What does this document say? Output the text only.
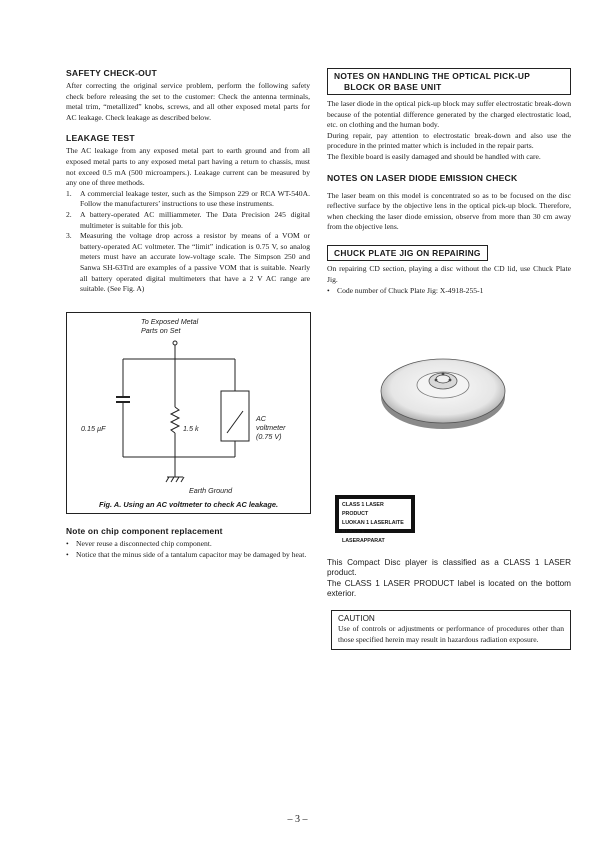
SAFETY CHECK-OUT

After correcting the original service problem, perform the following safety check before releasing the set to the customer: Check the antenna terminals, metal trim, “metallized” knobs, screws, and all other exposed metal parts for AC leakage. Check leakage as described below.

LEAKAGE TEST

The AC leakage from any exposed metal part to earth ground and from all exposed metal parts to any exposed metal part having a return to chassis, must not exceed 0.5 mA (500 microampers.). Leakage current can be measured by any one of three methods.

1. A commercial leakage tester, such as the Simpson 229 or RCA WT-540A. Follow the manufacturers’ instructions to use these instruments.
2. A battery-operated AC milliammeter. The Data Precision 245 digital multimeter is suitable for this job.
3. Measuring the voltage drop across a resistor by means of a VOM or battery-operated AC voltmeter. The “limit” indication is 0.75 V, so analog meters must have an accurate low-voltage scale. The Simpson 250 and Sanwa SH-63Trd are examples of a passive VOM that is suitable. Nearly all battery operated digital multimeters that have a 2 V AC range are suitable. (See Fig. A)
To Exposed Metal
Parts on Set
0.15 µF	1.5 k
AC
voltmeter
(0.75 V)
Earth Ground
Fig. A. Using an AC voltmeter to check AC leakage.
Note on chip component replacement
• Never reuse a disconnected chip component.
• Notice that the minus side of a tantalum capacitor may be damaged by heat.
NOTES ON HANDLING THE OPTICAL PICK-UP
BLOCK OR BASE UNIT

The laser diode in the optical pick-up block may suffer electrostatic break-down because of the potential difference generated by the charged electrostatic load, etc. on clothing and the human body.

During repair, pay attention to electrostatic break-down and also use the procedure in the printed matter which is included in the repair parts.

The flexible board is easily damaged and should be handled with care.

NOTES ON LASER DIODE EMISSION CHECK

The laser beam on this model is concentrated so as to be focused on the disc reflective surface by the objective lens in the optical pick-up block. Therefore, when checking the laser diode emission, observe from more than 30 cm away from the objective lens.

CHUCK PLATE JIG ON REPAIRING

On repairing CD section, playing a disc without the CD lid, use Chuck Plate Jig.

• Code number of Chuck Plate Jig: X-4918-255-1
CLASS 1 LASER PRODUCT
LUOKAN 1 LASERLAITE
KLASS 1 LASERAPPARAT

This Compact Disc player is classified as a CLASS 1 LASER product.

The CLASS 1 LASER PRODUCT label is located on the bottom exterior.

CAUTION

Use of controls or adjustments or performance of procedures other than those specified herein may result in hazardous radiation exposure.

– 3 –
